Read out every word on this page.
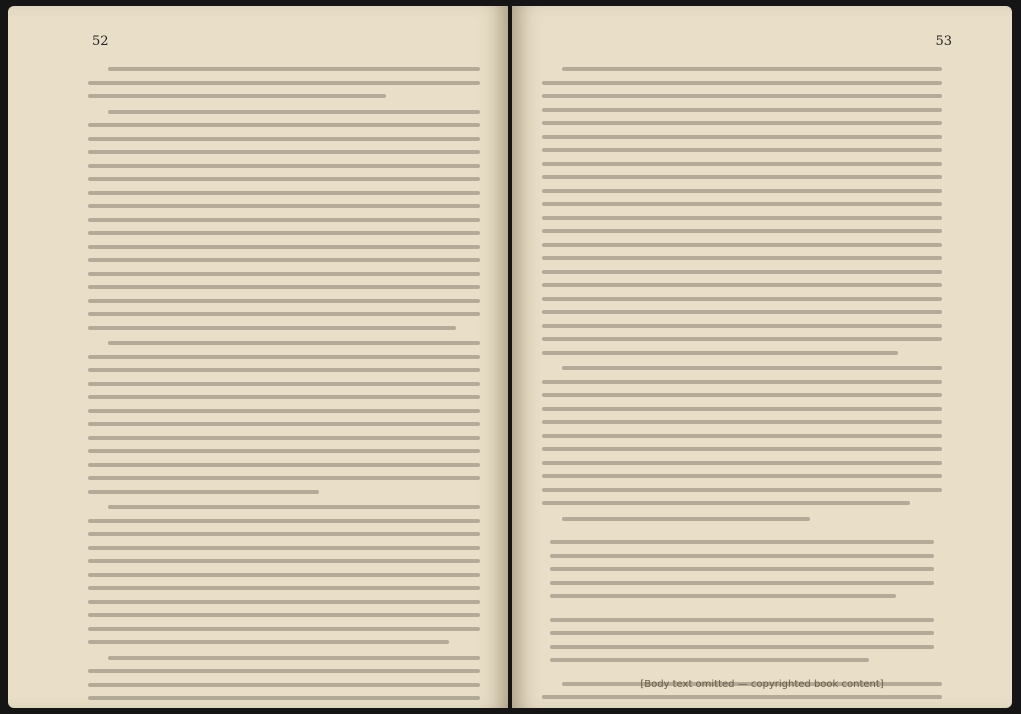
52	53
[Body text omitted — copyrighted book content]
